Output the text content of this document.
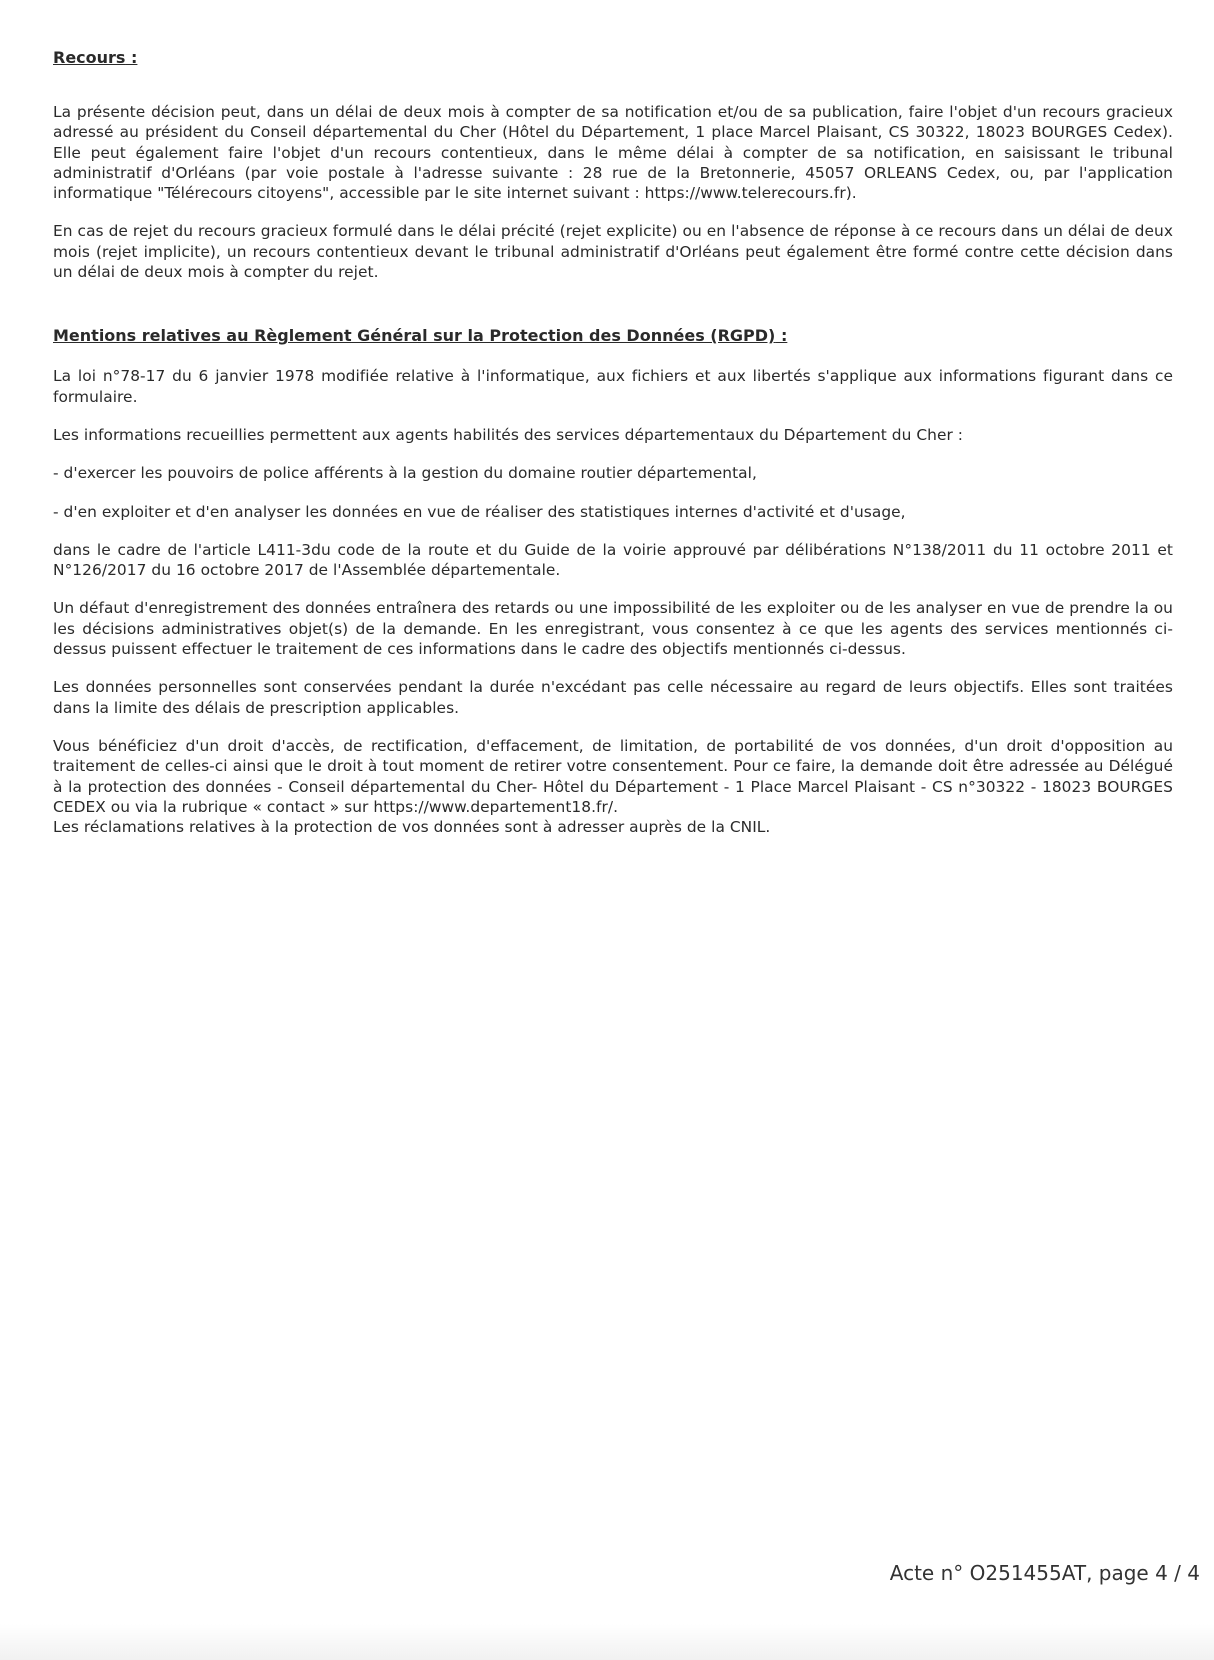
Recours :

La présente décision peut, dans un délai de deux mois à compter de sa notification et/ou de sa publication, faire l'objet d'un recours gracieux adressé au président du Conseil départemental du Cher (Hôtel du Département, 1 place Marcel Plaisant, CS 30322, 18023 BOURGES Cedex). Elle peut également faire l'objet d'un recours contentieux, dans le même délai à compter de sa notification, en saisissant le tribunal administratif d'Orléans (par voie postale à l'adresse suivante : 28 rue de la Bretonnerie, 45057 ORLEANS Cedex, ou, par l'application informatique "Télérecours citoyens", accessible par le site internet suivant : https://www.telerecours.fr).

En cas de rejet du recours gracieux formulé dans le délai précité (rejet explicite) ou en l'absence de réponse à ce recours dans un délai de deux mois (rejet implicite), un recours contentieux devant le tribunal administratif d'Orléans peut également être formé contre cette décision dans un délai de deux mois à compter du rejet.

Mentions relatives au Règlement Général sur la Protection des Données (RGPD) :

La loi n°78-17 du 6 janvier 1978 modifiée relative à l'informatique, aux fichiers et aux libertés s'applique aux informations figurant dans ce formulaire.

Les informations recueillies permettent aux agents habilités des services départementaux du Département du Cher :

- d'exercer les pouvoirs de police afférents à la gestion du domaine routier départemental,

- d'en exploiter et d'en analyser les données en vue de réaliser des statistiques internes d'activité et d'usage,

dans le cadre de l'article L411-3du code de la route et du Guide de la voirie approuvé par délibérations N°138/2011 du 11 octobre 2011 et N°126/2017 du 16 octobre 2017 de l'Assemblée départementale.

Un défaut d'enregistrement des données entraînera des retards ou une impossibilité de les exploiter ou de les analyser en vue de prendre la ou les décisions administratives objet(s) de la demande. En les enregistrant, vous consentez à ce que les agents des services mentionnés ci-dessus puissent effectuer le traitement de ces informations dans le cadre des objectifs mentionnés ci-dessus.

Les données personnelles sont conservées pendant la durée n'excédant pas celle nécessaire au regard de leurs objectifs. Elles sont traitées dans la limite des délais de prescription applicables.

Vous bénéficiez d'un droit d'accès, de rectification, d'effacement, de limitation, de portabilité de vos données, d'un droit d'opposition au traitement de celles-ci ainsi que le droit à tout moment de retirer votre consentement. Pour ce faire, la demande doit être adressée au Délégué à la protection des données - Conseil départemental du Cher- Hôtel du Département - 1 Place Marcel Plaisant - CS n°30322 - 18023 BOURGES CEDEX ou via la rubrique « contact » sur https://www.departement18.fr/.

Les réclamations relatives à la protection de vos données sont à adresser auprès de la CNIL.

Acte n° O251455AT, page 4 / 4
